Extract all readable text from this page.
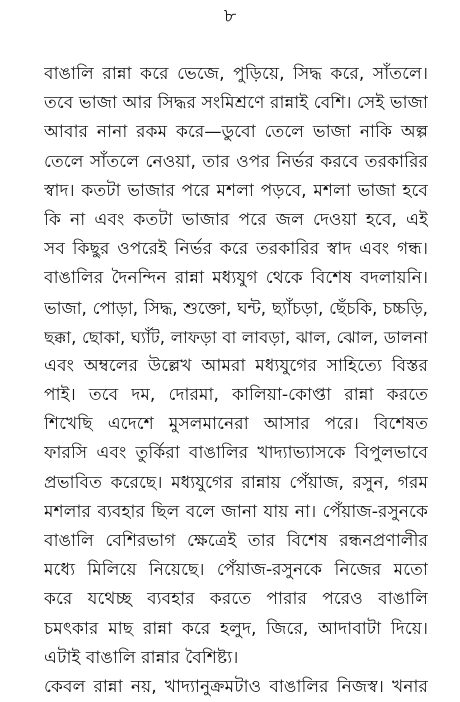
৮
বাঙালি রান্না করে ভেজে, পুড়িয়ে, সিদ্ধ করে, সাঁতলে।
তবে ভাজা আর সিদ্ধর সংমিশ্রণে রান্নাই বেশি। সেই ভাজা
আবার নানা রকম করে—ডুবো তেলে ভাজা নাকি অল্প
তেলে সাঁতলে নেওয়া, তার ওপর নির্ভর করবে তরকারির
স্বাদ। কতটা ভাজার পরে মশলা পড়বে, মশলা ভাজা হবে
কি না এবং কতটা ভাজার পরে জল দেওয়া হবে, এই
সব কিছুর ওপরেই নির্ভর করে তরকারির স্বাদ এবং গন্ধ।
বাঙালির দৈনন্দিন রান্না মধ্যযুগ থেকে বিশেষ বদলায়নি।
ভাজা, পোড়া, সিদ্ধ, শুক্তো, ঘন্ট, ছ্যাঁচড়া, ছেঁচকি, চচ্চড়ি,
ছক্কা, ছোকা, ঘ্যাঁট, লাফড়া বা লাবড়া, ঝাল, ঝোল, ডালনা
এবং অম্বলের উল্লেখ আমরা মধ্যযুগের সাহিত্যে বিস্তর
পাই। তবে দম, দোরমা, কালিয়া-কোপ্তা রান্না করতে
শিখেছি এদেশে মুসলমানেরা আসার পরে। বিশেষত
ফারসি এবং তুর্কিরা বাঙালির খাদ্যাভ্যাসকে বিপুলভাবে
প্রভাবিত করেছে। মধ্যযুগের রান্নায় পেঁয়াজ, রসুন, গরম
মশলার ব্যবহার ছিল বলে জানা যায় না। পেঁয়াজ-রসুনকে
বাঙালি বেশিরভাগ ক্ষেত্রেই তার বিশেষ রন্ধনপ্রণালীর
মধ্যে মিলিয়ে নিয়েছে। পেঁয়াজ-রসুনকে নিজের মতো
করে যথেচ্ছ ব্যবহার করতে পারার পরেও বাঙালি
চমৎকার মাছ রান্না করে হলুদ, জিরে, আদাবাটা দিয়ে।
এটাই বাঙালি রান্নার বৈশিষ্ট্য।
কেবল রান্না নয়, খাদ্যানুক্রমটাও বাঙালির নিজস্ব। খনার
